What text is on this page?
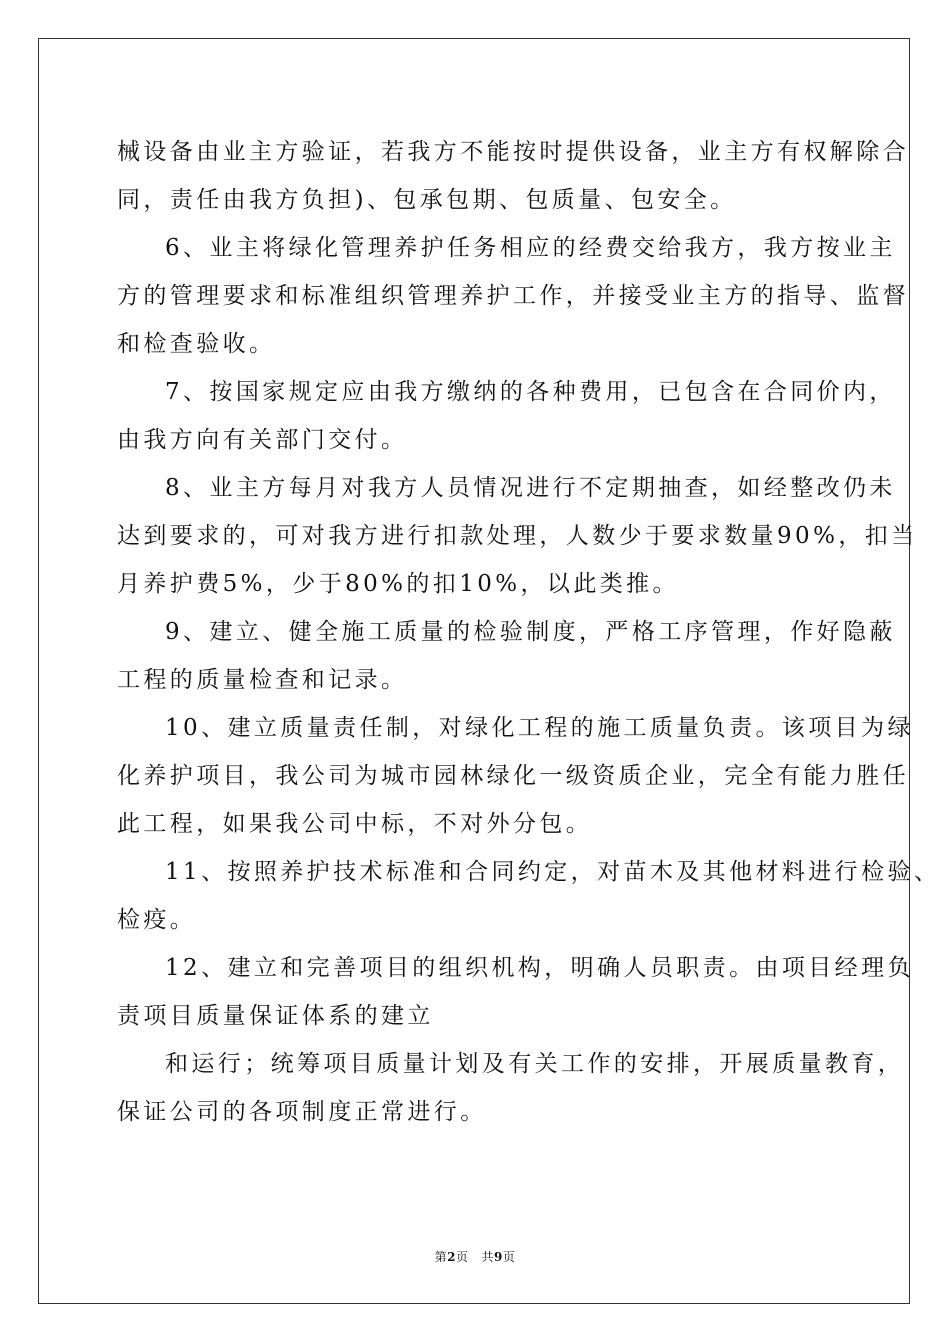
械设备由业主方验证，若我方不能按时提供设备，业主方有权解除合
同，责任由我方负担)、包承包期、包质量、包安全。
6、业主将绿化管理养护任务相应的经费交给我方，我方按业主
方的管理要求和标准组织管理养护工作，并接受业主方的指导、监督
和检查验收。
7、按国家规定应由我方缴纳的各种费用，已包含在合同价内，
由我方向有关部门交付。
8、业主方每月对我方人员情况进行不定期抽查，如经整改仍未
达到要求的，可对我方进行扣款处理，人数少于要求数量90%，扣当
月养护费5%，少于80%的扣10%，以此类推。
9、建立、健全施工质量的检验制度，严格工序管理，作好隐蔽
工程的质量检查和记录。
10、建立质量责任制，对绿化工程的施工质量负责。该项目为绿
化养护项目，我公司为城市园林绿化一级资质企业，完全有能力胜任
此工程，如果我公司中标，不对外分包。
11、按照养护技术标准和合同约定，对苗木及其他材料进行检验、
检疫。
12、建立和完善项目的组织机构，明确人员职责。由项目经理负
责项目质量保证体系的建立
和运行；统筹项目质量计划及有关工作的安排，开展质量教育，
保证公司的各项制度正常进行。
第2页 共9页
